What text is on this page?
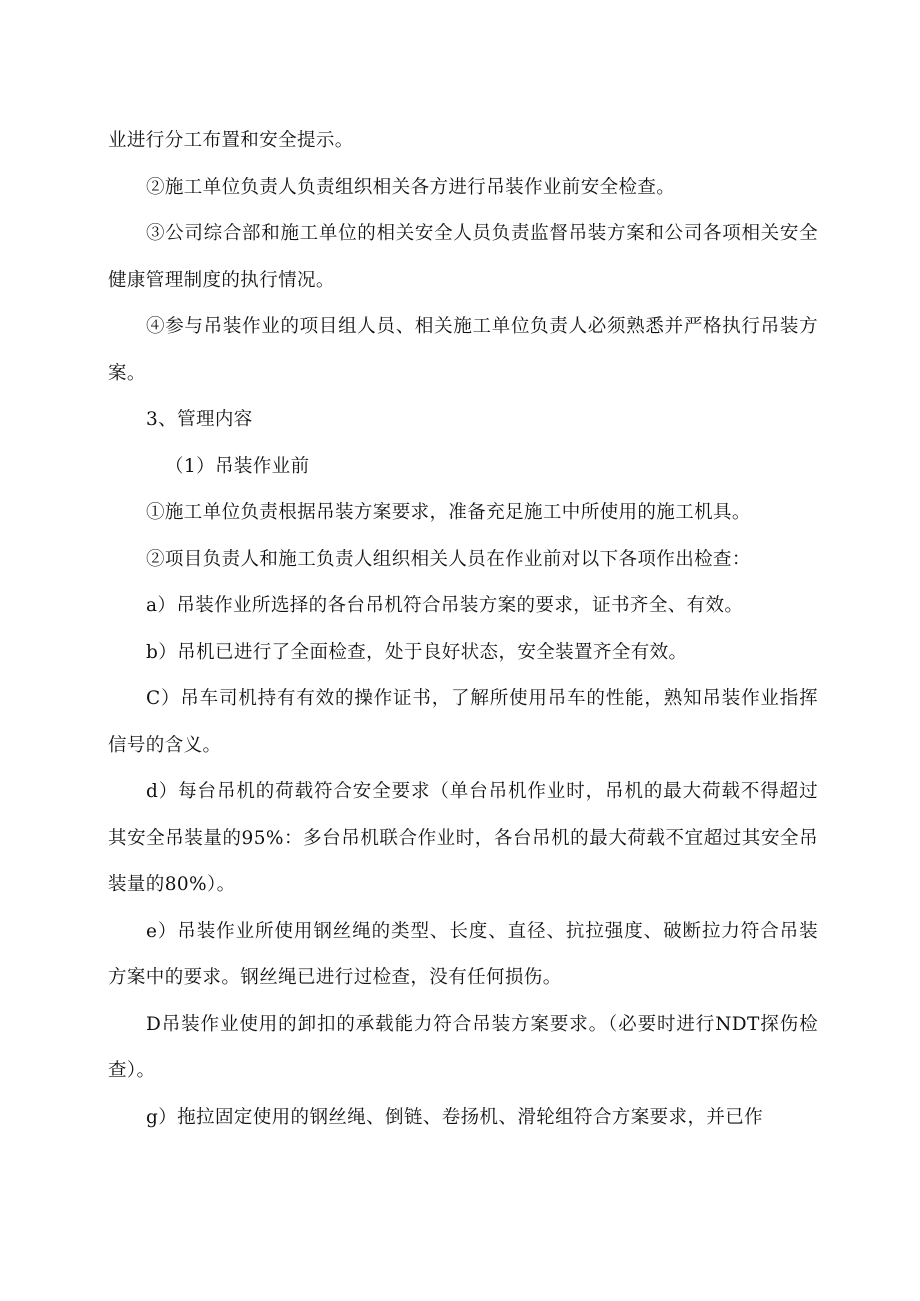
业进行分工布置和安全提示。

②施工单位负责人负责组织相关各方进行吊装作业前安全检查。

③公司综合部和施工单位的相关安全人员负责监督吊装方案和公司各项相关安全健康管理制度的执行情况。

④参与吊装作业的项目组人员、相关施工单位负责人必须熟悉并严格执行吊装方案。

3、管理内容

（1）吊装作业前

①施工单位负责根据吊装方案要求，准备充足施工中所使用的施工机具。

②项目负责人和施工负责人组织相关人员在作业前对以下各项作出检查：

a）吊装作业所选择的各台吊机符合吊装方案的要求，证书齐全、有效。

b）吊机已进行了全面检查，处于良好状态，安全装置齐全有效。

C）吊车司机持有有效的操作证书，了解所使用吊车的性能，熟知吊装作业指挥信号的含义。

d）每台吊机的荷载符合安全要求（单台吊机作业时，吊机的最大荷载不得超过其安全吊装量的95%：多台吊机联合作业时，各台吊机的最大荷载不宜超过其安全吊装量的80%）。

e）吊装作业所使用钢丝绳的类型、长度、直径、抗拉强度、破断拉力符合吊装方案中的要求。钢丝绳已进行过检查，没有任何损伤。

D吊装作业使用的卸扣的承载能力符合吊装方案要求。（必要时进行NDT探伤检查）。

g）拖拉固定使用的钢丝绳、倒链、卷扬机、滑轮组符合方案要求，并已作
